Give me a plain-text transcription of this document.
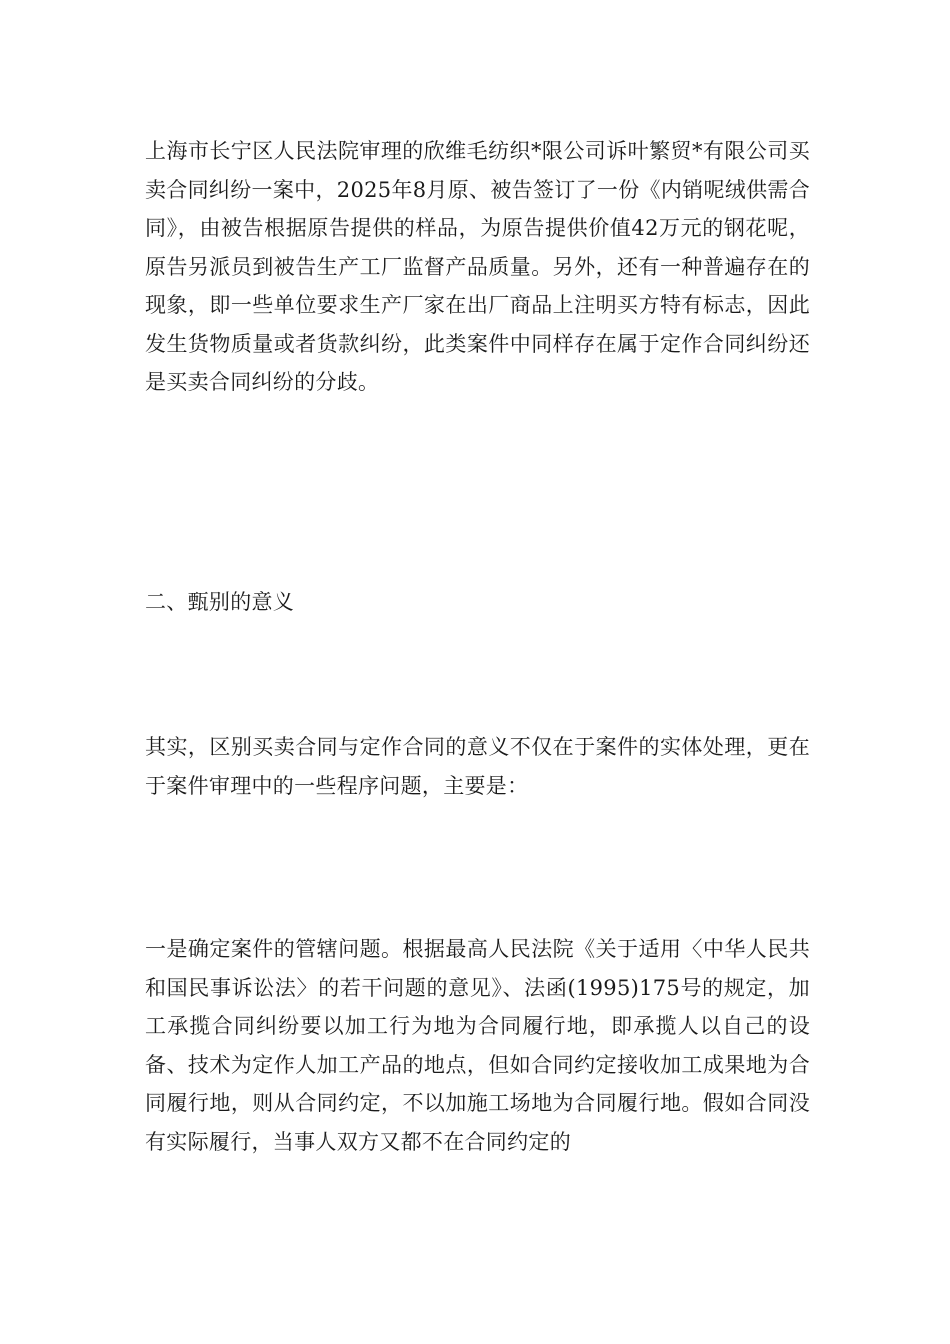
上海市长宁区人民法院审理的欣维毛纺织*限公司诉叶繁贸*有限公司买卖合同纠纷一案中，2025年8月原、被告签订了一份《内销呢绒供需合同》，由被告根据原告提供的样品，为原告提供价值42万元的钢花呢，原告另派员到被告生产工厂监督产品质量。另外，还有一种普遍存在的现象，即一些单位要求生产厂家在出厂商品上注明买方特有标志，因此发生货物质量或者货款纠纷，此类案件中同样存在属于定作合同纠纷还是买卖合同纠纷的分歧。

二、甄别的意义

其实，区别买卖合同与定作合同的意义不仅在于案件的实体处理，更在于案件审理中的一些程序问题，主要是：

一是确定案件的管辖问题。根据最高人民法院《关于适用〈中华人民共和国民事诉讼法〉的若干问题的意见》、法函(1995)175号的规定，加工承揽合同纠纷要以加工行为地为合同履行地，即承揽人以自己的设备、技术为定作人加工产品的地点，但如合同约定接收加工成果地为合同履行地，则从合同约定，不以加施工场地为合同履行地。假如合同没有实际履行，当事人双方又都不在合同约定的
